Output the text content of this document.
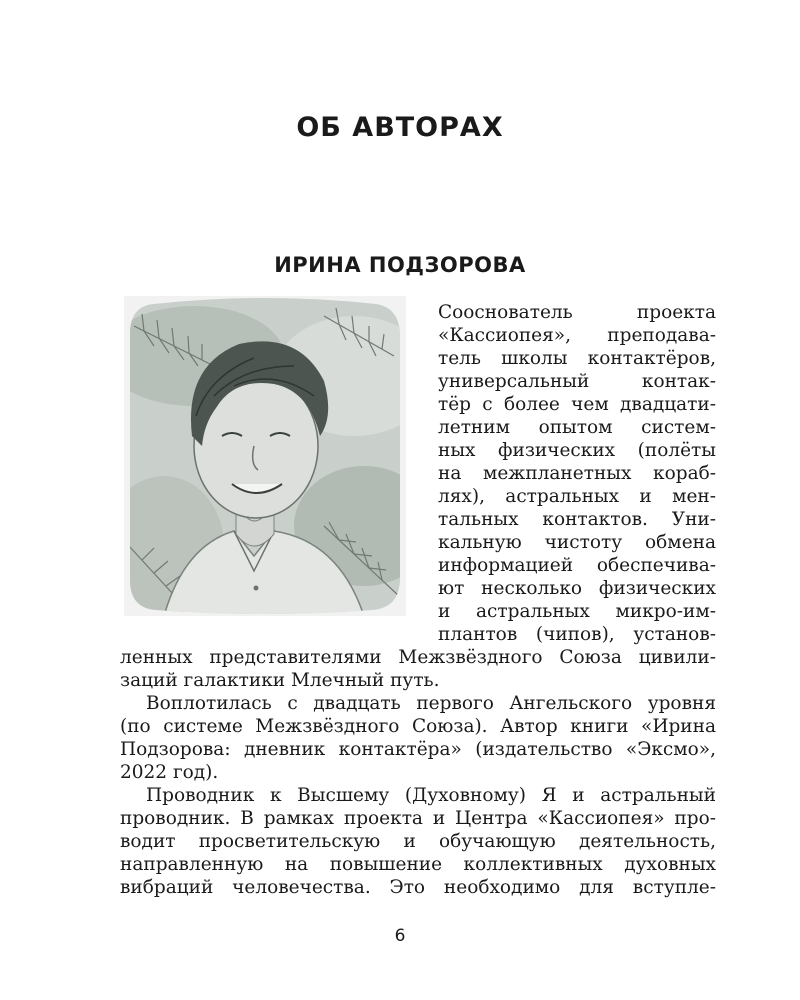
ОБ АВТОРАХ
ИРИНА ПОДЗОРОВА
Сооснователь проекта
«Кассиопея», преподава-
тель школы контактёров,
универсальный контак-
тёр с более чем двадцати-
летним опытом систем-
ных физических (полёты
на межпланетных кораб-
лях), астральных и мен-
тальных контактов. Уни-
кальную чистоту обмена
информацией обеспечива-
ют несколько физических
и астральных микро-им-
плантов (чипов), установ-
ленных представителями Межзвёздного Союза цивили-
заций галактики Млечный путь.
Воплотилась с двадцать первого Ангельского уровня
(по системе Межзвёздного Союза). Автор книги «Ирина
Подзорова: дневник контактёра» (издательство «Эксмо»,
2022 год).
Проводник к Высшему (Духовному) Я и астральный
проводник. В рамках проекта и Центра «Кассиопея» про-
водит просветительскую и обучающую деятельность,
направленную на повышение коллективных духовных
вибраций человечества. Это необходимо для вступле-
6
